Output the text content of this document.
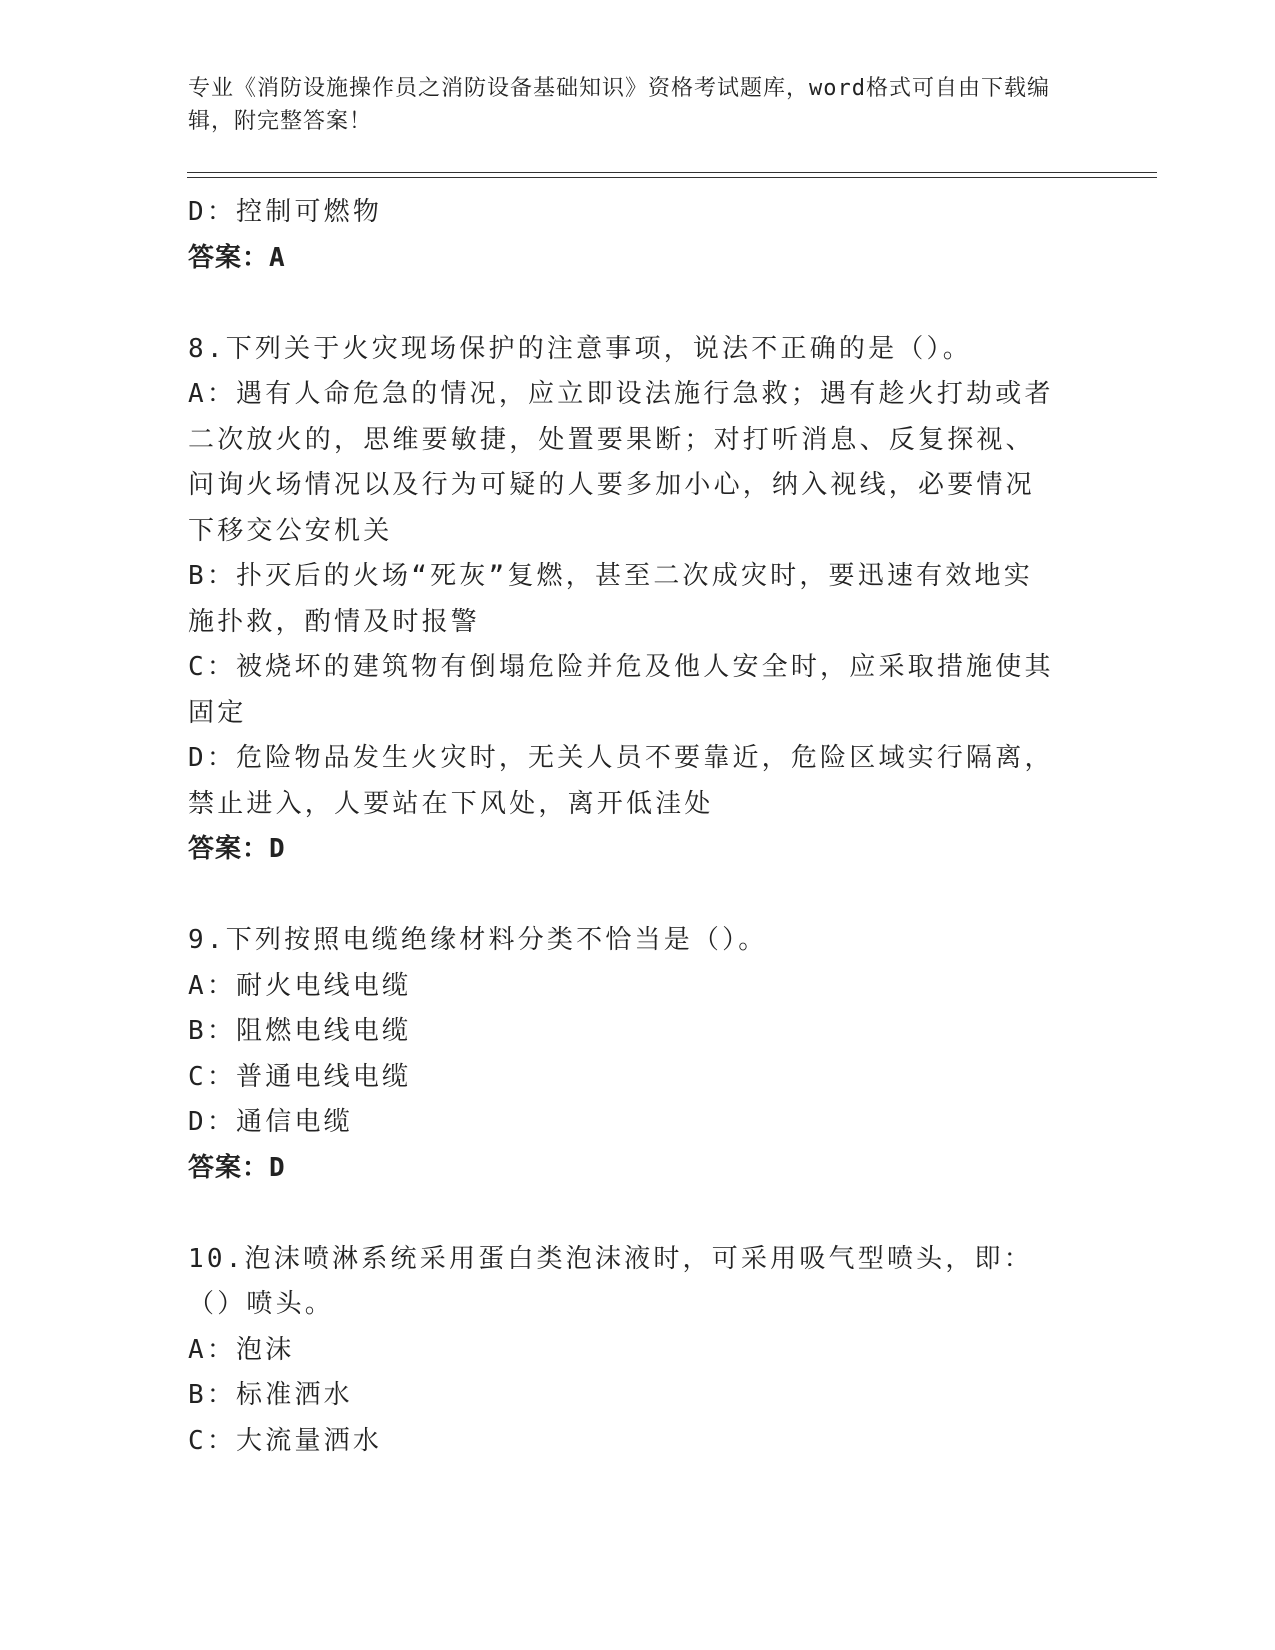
专业《消防设施操作员之消防设备基础知识》资格考试题库，word格式可自由下载编辑，附完整答案！

D：控制可燃物

答案：A

8.下列关于火灾现场保护的注意事项，说法不正确的是（）。

A：遇有人命危急的情况，应立即设法施行急救；遇有趁火打劫或者二次放火的，思维要敏捷，处置要果断；对打听消息、反复探视、问询火场情况以及行为可疑的人要多加小心，纳入视线，必要情况下移交公安机关

B：扑灭后的火场“死灰”复燃，甚至二次成灾时，要迅速有效地实施扑救，酌情及时报警

C：被烧坏的建筑物有倒塌危险并危及他人安全时，应采取措施使其固定

D：危险物品发生火灾时，无关人员不要靠近，危险区域实行隔离，禁止进入，人要站在下风处，离开低洼处

答案：D

9.下列按照电缆绝缘材料分类不恰当是（）。

A：耐火电线电缆

B：阻燃电线电缆

C：普通电线电缆

D：通信电缆

答案：D

10.泡沫喷淋系统采用蛋白类泡沫液时，可采用吸气型喷头，即：（）喷头。

A：泡沫

B：标准洒水

C：大流量洒水
